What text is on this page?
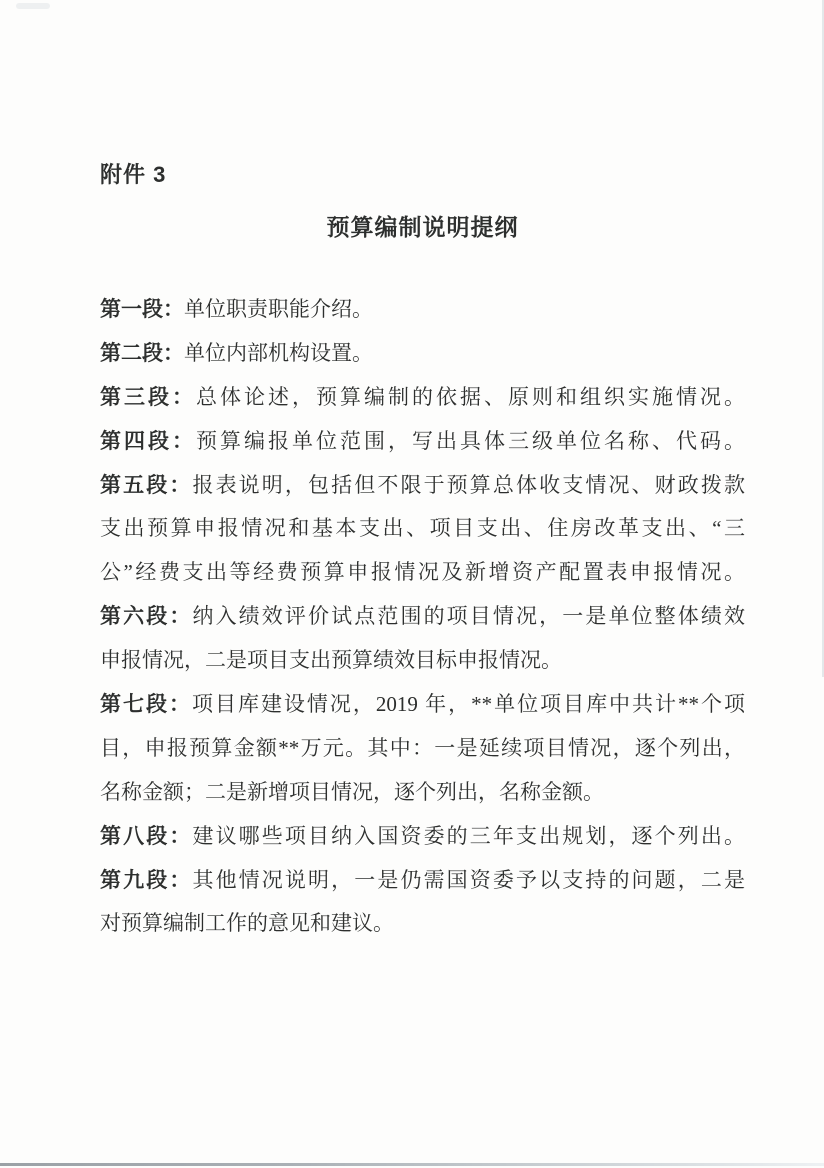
附件 3
预算编制说明提纲
第一段：单位职责职能介绍。
第二段：单位内部机构设置。
第三段：总体论述，预算编制的依据、原则和组织实施情况。
第四段：预算编报单位范围，写出具体三级单位名称、代码。
第五段：报表说明，包括但不限于预算总体收支情况、财政拨款
支出预算申报情况和基本支出、项目支出、住房改革支出、“三
公”经费支出等经费预算申报情况及新增资产配置表申报情况。
第六段：纳入绩效评价试点范围的项目情况，一是单位整体绩效
申报情况，二是项目支出预算绩效目标申报情况。
第七段：项目库建设情况，2019 年，**单位项目库中共计**个项
目，申报预算金额**万元。其中：一是延续项目情况，逐个列出，
名称金额；二是新增项目情况，逐个列出，名称金额。
第八段：建议哪些项目纳入国资委的三年支出规划，逐个列出。
第九段：其他情况说明，一是仍需国资委予以支持的问题，二是
对预算编制工作的意见和建议。
